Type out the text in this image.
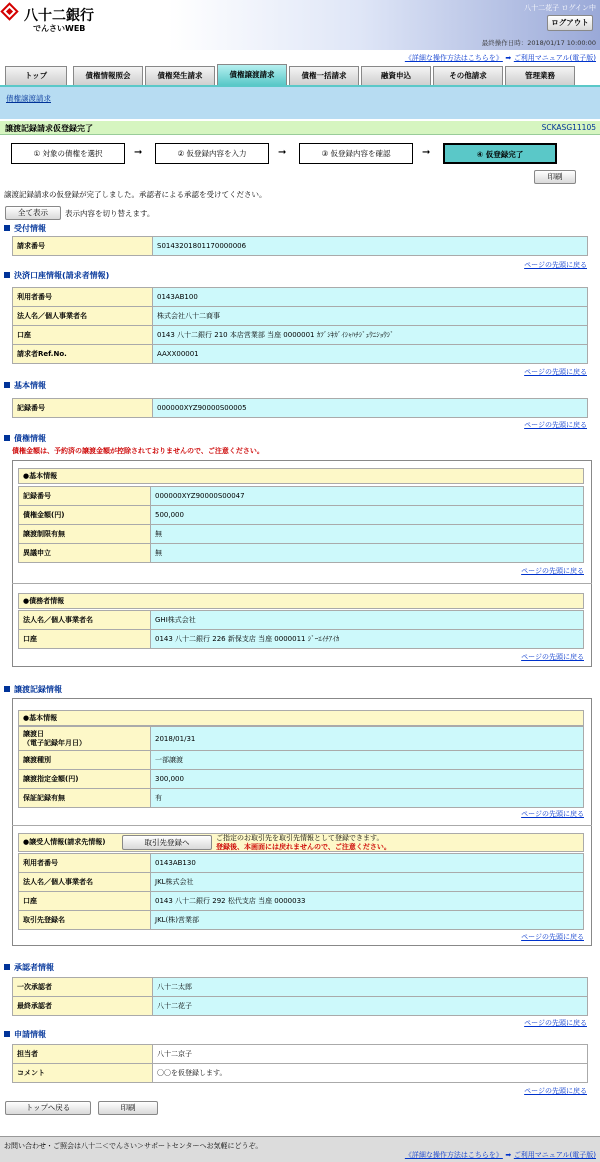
八十二銀行
でんさいWEB
八十二花子 ログイン中
ログアウト
最終操作日時：2018/01/17 10:00:00
《詳細な操作方法はこちらを》 ➡ ご利用マニュアル(電子版)
トップ	債権情報照会	債権発生請求	債権譲渡請求	債権一括請求	融資申込	その他請求	管理業務
債権譲渡請求
譲渡記録請求仮登録完了	SCKASG11105
① 対象の債権を選択	➞	② 仮登録内容を入力	➞	③ 仮登録内容を確認	➞	④ 仮登録完了
印刷
譲渡記録請求の仮登録が完了しました。承認者による承認を受けてください。
全て表示	表示内容を切り替えます。
受付情報
請求番号	S0143201801170000006
ページの先頭に戻る
決済口座情報(請求者情報)
利用者番号	0143AB100
法人名／個人事業者名	株式会社八十二商事
口座	0143 八十二銀行 210 本店営業部 当座 0000001 ｶﾌﾞｼｷｶﾞｲｼｬﾊﾁｼﾞｭｳﾆｼｮｳｼﾞ
請求者Ref.No.	AAXX00001
ページの先頭に戻る
基本情報
記録番号	000000XYZ90000S00005
ページの先頭に戻る
債権情報
債権金額は、予約済の譲渡金額が控除されておりませんので、ご注意ください。
●基本情報
記録番号	000000XYZ90000S00047
債権金額(円)	500,000
譲渡制限有無	無
異議申立	無
ページの先頭に戻る
●債務者情報
法人名／個人事業者名	GHI株式会社
口座	0143 八十二銀行 226 新保支店 当座 0000011 ｼﾞｰｴｲﾁｱｲｶ
ページの先頭に戻る
譲渡記録情報
●基本情報
譲渡日
（電子記録年月日）	2018/01/31
譲渡種別	一部譲渡
譲渡指定金額(円)	300,000
保証記録有無	有
ページの先頭に戻る
●譲受人情報(請求先情報)	取引先登録へ	ご指定のお取引先を取引先情報として登録できます。
登録後、本画面には戻れませんので、ご注意ください。
利用者番号	0143AB130
法人名／個人事業者名	JKL株式会社
口座	0143 八十二銀行 292 松代支店 当座 0000033
取引先登録名	JKL(株)営業部
ページの先頭に戻る
承認者情報
一次承認者	八十二太郎
最終承認者	八十二花子
ページの先頭に戻る
申請情報
担当者	八十二京子
コメント	〇〇を仮登録します。
ページの先頭に戻る
トップへ戻る	印刷
お問い合わせ・ご照会は八十二＜でんさい＞サポートセンターへお気軽にどうぞ。
《詳細な操作方法はこちらを》 ➡ ご利用マニュアル(電子版)
